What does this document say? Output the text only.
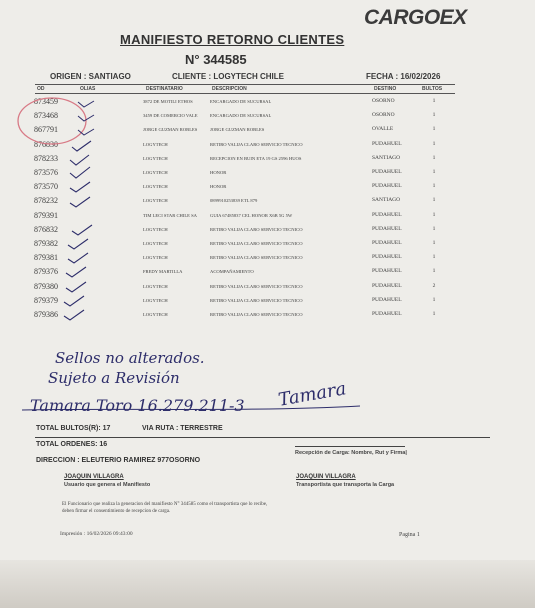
CARGOEX
MANIFIESTO RETORNO CLIENTES
N° 344585
ORIGEN : SANTIAGO	CLIENTE : LOGYTECH CHILE	FECHA : 16/02/2026
OD	OLIAS	DESTINATARIO	DESCRIPCION	DESTINO	BULTOS
873459	3872 DE MOTILI ETHOS	ENCARGADO DE SUCURSAL	OSORNO	1
873468	3459 DE COMERCIO VALE	ENCARGADO DE SUCURSAL	OSORNO	1
867791	JORGE GUZMAN ROBLES	JORGE GUZMAN ROBLES	OVALLE	1
876830	LOGYTECH	RETIRO VALIJA CLARO SERVICIO TECNICO	PUDAHUEL	1
878233	LOGYTECH	RECEPCION EN BUIN ETA 19 GS 2596 HUOS	SANTIAGO	1
873576	LOGYTECH	HONOR	PUDAHUEL	1
873570	LOGYTECH	HONOR	PUDAHUEL	1
878232	LOGYTECH	0899910253839 ETL 879	SANTIAGO	1
879391	TIM LECI STAR CHILE SA	GUIA 67485837 CEL HONOR X6B 5G 5W	PUDAHUEL	1
876832	LOGYTECH	RETIRO VALIJA CLARO SERVICIO TECNICO	PUDAHUEL	1
879382	LOGYTECH	RETIRO VALIJA CLARO SERVICIO TECNICO	PUDAHUEL	1
879381	LOGYTECH	RETIRO VALIJA CLARO SERVICIO TECNICO	PUDAHUEL	1
879376	FREDY MARTILLA	ACOMPAÑAMIENTO	PUDAHUEL	1
879380	LOGYTECH	RETIRO VALIJA CLARO SERVICIO TECNICO	PUDAHUEL	2
879379	LOGYTECH	RETIRO VALIJA CLARO SERVICIO TECNICO	PUDAHUEL	1
879386	LOGYTECH	RETIRO VALIJA CLARO SERVICIO TECNICO	PUDAHUEL	1
Sellos no alterados.
Sujeto a Revisión
Tamara Toro 16.279.211-3 Tamara
TOTAL BULTOS(R): 17	VIA RUTA : TERRESTRE
TOTAL ORDENES: 16
Recepción de Carga: Nombre, Rut y Firma|
DIRECCION : ELEUTERIO RAMIREZ 977OSORNO
JOAQUIN VILLAGRA
Usuario que genera el Manifiesto
JOAQUIN VILLAGRA
Transportista que transporta la Carga
El Funcionario que realiza la generacion del manifiesto N° 344585 como el transportista que lo recibe,
deben firmar el consentimiento de recepcion de carga.
Impresión : 16/02/2026 09:43:00	Pagina 1
